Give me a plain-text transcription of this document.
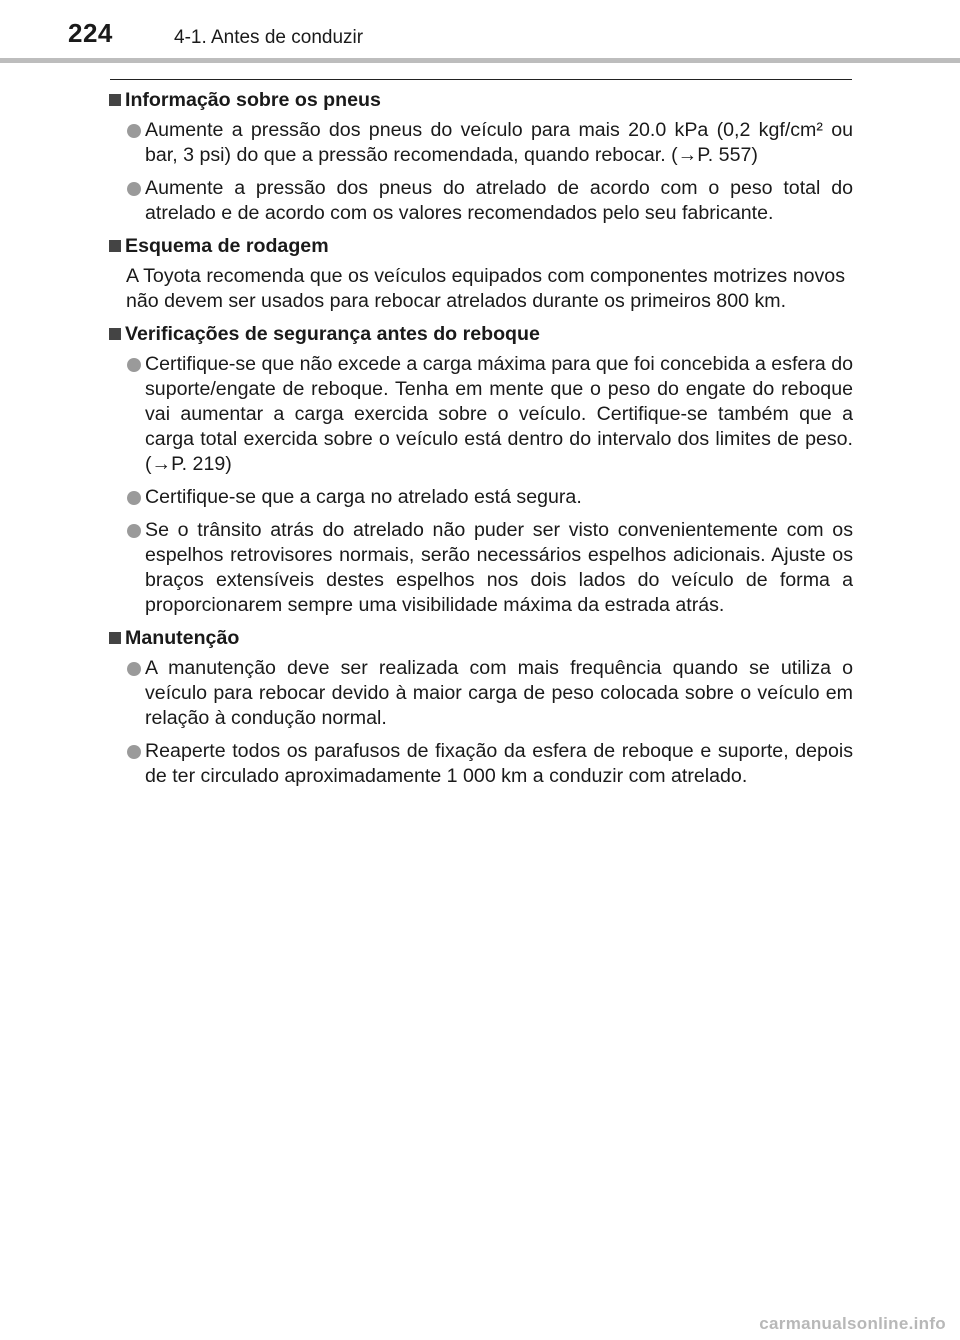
224	4-1. Antes de conduzir
Informação sobre os pneus
Aumente a pressão dos pneus do veículo para mais 20.0 kPa (0,2 kgf/cm² ou bar, 3 psi) do que a pressão recomendada, quando rebocar. (→P. 557)
Aumente a pressão dos pneus do atrelado de acordo com o peso total do atrelado e de acordo com os valores recomendados pelo seu fabricante.
Esquema de rodagem
A Toyota recomenda que os veículos equipados com componentes motrizes novos não devem ser usados para rebocar atrelados durante os primeiros 800 km.
Verificações de segurança antes do reboque
Certifique-se que não excede a carga máxima para que foi concebida a esfera do suporte/engate de reboque. Tenha em mente que o peso do engate do reboque vai aumentar a carga exercida sobre o veículo. Certifique-se também que a carga total exercida sobre o veículo está dentro do intervalo dos limites de peso. (→P. 219)
Certifique-se que a carga no atrelado está segura.
Se o trânsito atrás do atrelado não puder ser visto convenientemente com os espelhos retrovisores normais, serão necessários espelhos adicionais. Ajuste os braços extensíveis destes espelhos nos dois lados do veículo de forma a proporcionarem sempre uma visibilidade máxima da estrada atrás.
Manutenção
A manutenção deve ser realizada com mais frequência quando se utiliza o veículo para rebocar devido à maior carga de peso colocada sobre o veículo em relação à condução normal.
Reaperte todos os parafusos de fixação da esfera de reboque e suporte, depois de ter circulado aproximadamente 1 000 km a conduzir com atrelado.
carmanualsonline.info
